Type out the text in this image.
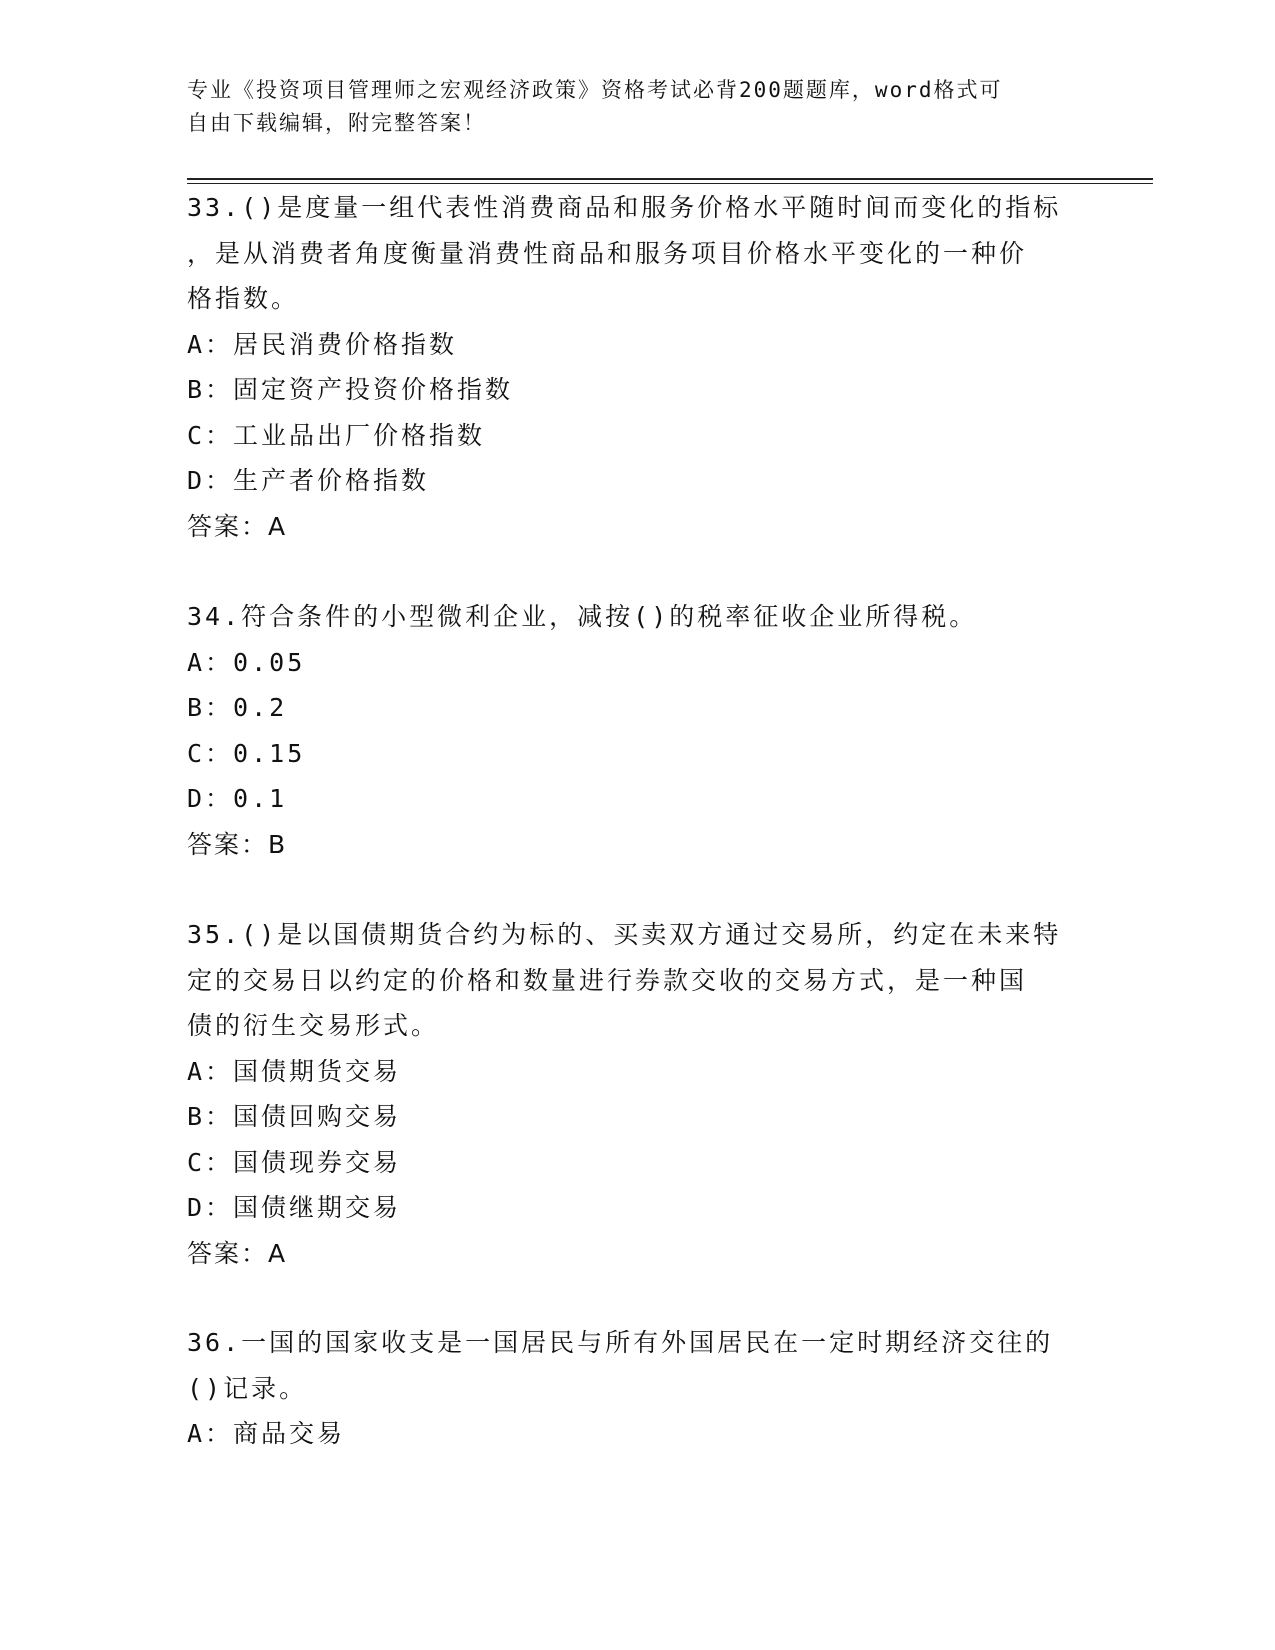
专业《投资项目管理师之宏观经济政策》资格考试必背200题题库，word格式可
自由下载编辑，附完整答案！
33.()是度量一组代表性消费商品和服务价格水平随时间而变化的指标
，是从消费者角度衡量消费性商品和服务项目价格水平变化的一种价
格指数。
A：居民消费价格指数
B：固定资产投资价格指数
C：工业品出厂价格指数
D：生产者价格指数
答案：A
34.符合条件的小型微利企业，减按()的税率征收企业所得税。
A：0.05
B：0.2
C：0.15
D：0.1
答案：B
35.()是以国债期货合约为标的、买卖双方通过交易所，约定在未来特
定的交易日以约定的价格和数量进行券款交收的交易方式，是一种国
债的衍生交易形式。
A：国债期货交易
B：国债回购交易
C：国债现券交易
D：国债继期交易
答案：A
36.一国的国家收支是一国居民与所有外国居民在一定时期经济交往的
()记录。
A：商品交易
